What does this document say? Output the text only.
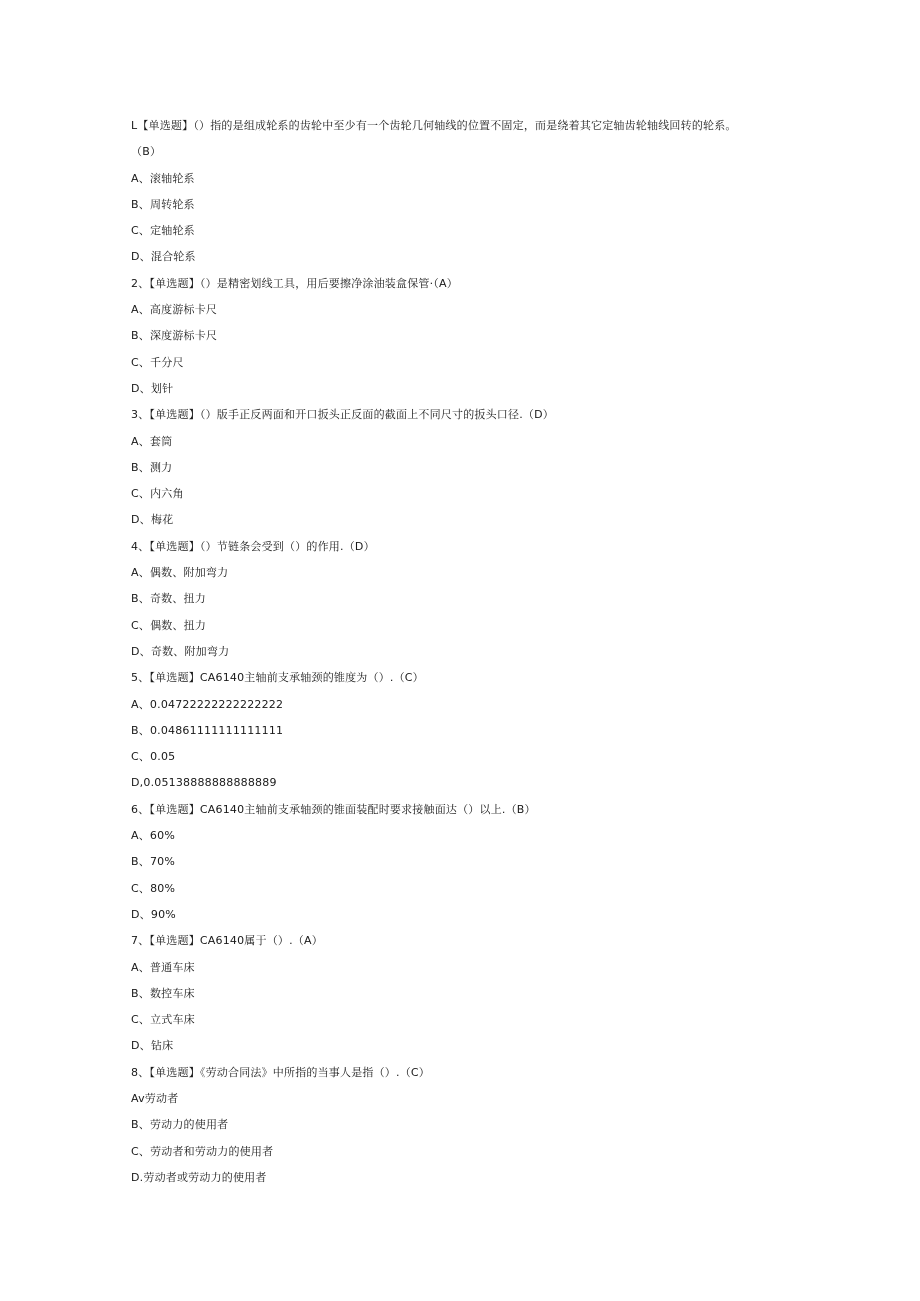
L【单选题】（）指的是组成轮系的齿轮中至少有一个齿轮几何轴线的位置不固定，而是绕着其它定轴齿轮轴线回转的轮系。（B）
A、滚轴轮系
B、周转轮系
C、定轴轮系
D、混合轮系
2、【单选题】（）是精密划线工具，用后要擦净涂油装盒保管·（A）
A、高度游标卡尺
B、深度游标卡尺
C、千分尺
D、划针
3、【单选题】（）版手正反两面和开口扳头正反面的截面上不同尺寸的扳头口径.（D）
A、套筒
B、测力
C、内六角
D、梅花
4、【单选题】（）节链条会受到（）的作用.（D）
A、偶数、附加弯力
B、奇数、扭力
C、偶数、扭力
D、奇数、附加弯力
5、【单选题】CA6140主轴前支承轴颈的锥度为（）.（C）
A、0.04722222222222222
B、0.04861111111111111
C、0.05
D,0.05138888888888889
6、【单选题】CA6140主轴前支承轴颈的锥面装配时要求接触面达（）以上.（B）
A、60%
B、70%
C、80%
D、90%
7、【单选题】CA6140属于（）.（A）
A、普通车床
B、数控车床
C、立式车床
D、钻床
8、【单选题】《劳动合同法》中所指的当事人是指（）.（C）
Av劳动者
B、劳动力的使用者
C、劳动者和劳动力的使用者
D.劳动者或劳动力的使用者
